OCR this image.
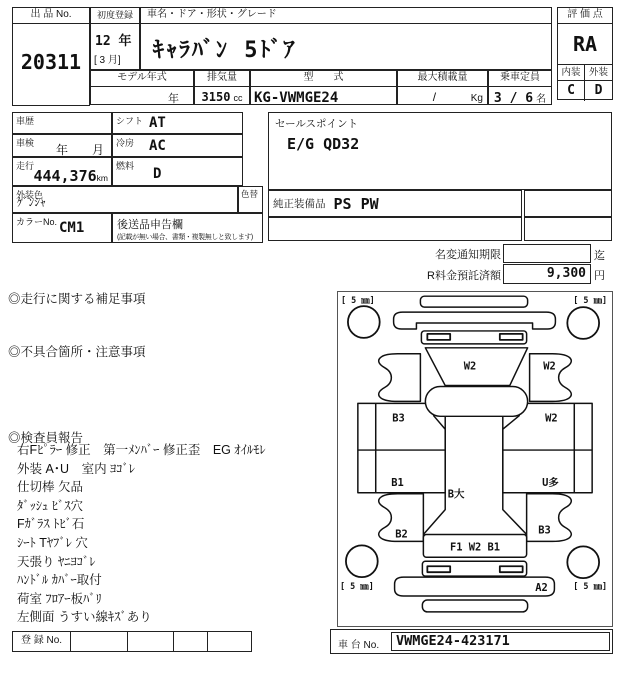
出 品 No.
20311
初度登録
12 年
[ 3 月]
車名・ドア・形状・グレード
ｷｬﾗﾊﾞﾝ 5ﾄﾞｱ
モデル年式
年
排気量
3150 cc
型　　式
KG-VWMGE24
最大積載量
/	Kg
乗車定員
3 / 6 名
評 価 点
RA
内装 外装
C	D
車歴	シフト AT
車検 年　　月 冷房 AC
走行
444,376km
燃料 D
外装色
ｹﾞﾝｼｬ
色替
カラーNo. CM1	後送品申告欄
(記載が無い場合、書類・複製無しと致します)
セールスポイント
E/G QD32
純正装備品 PS PW
名変通知期限	迄
R料金預託済額	9,300 円
◎走行に関する補足事項
◎不具合箇所・注意事項
◎検査員報告
右Fﾋﾟﾗｰ 修正　第一ﾒﾝﾊﾞｰ 修正歪　EG ｵｲﾙﾓﾚ
外装 A･U　室内 ﾖｺﾞﾚ
仕切棒 欠品
ﾀﾞｯｼｭ ﾋﾞｽ穴
Fｶﾞﾗｽ ﾄﾋﾞ石
ｼｰﾄ Tﾔﾌﾞﾚ 穴
天張り ﾔﾆﾖｺﾞﾚ
ﾊﾝﾄﾞﾙ ｶﾊﾞｰ取付
荷室 ﾌﾛｱｰ板ﾊﾞﾘ
左側面 うすい線ｷｽﾞあり
[ 5 ㎜]	[ 5 ㎜]
[ 5 ㎜]	[ 5 ㎜]
W2	W2
B3	W2
B1	U多
B大
B2	B3
F1 W2 B1
A2
登 録 No.	車 台 No. VWMGE24-423171
